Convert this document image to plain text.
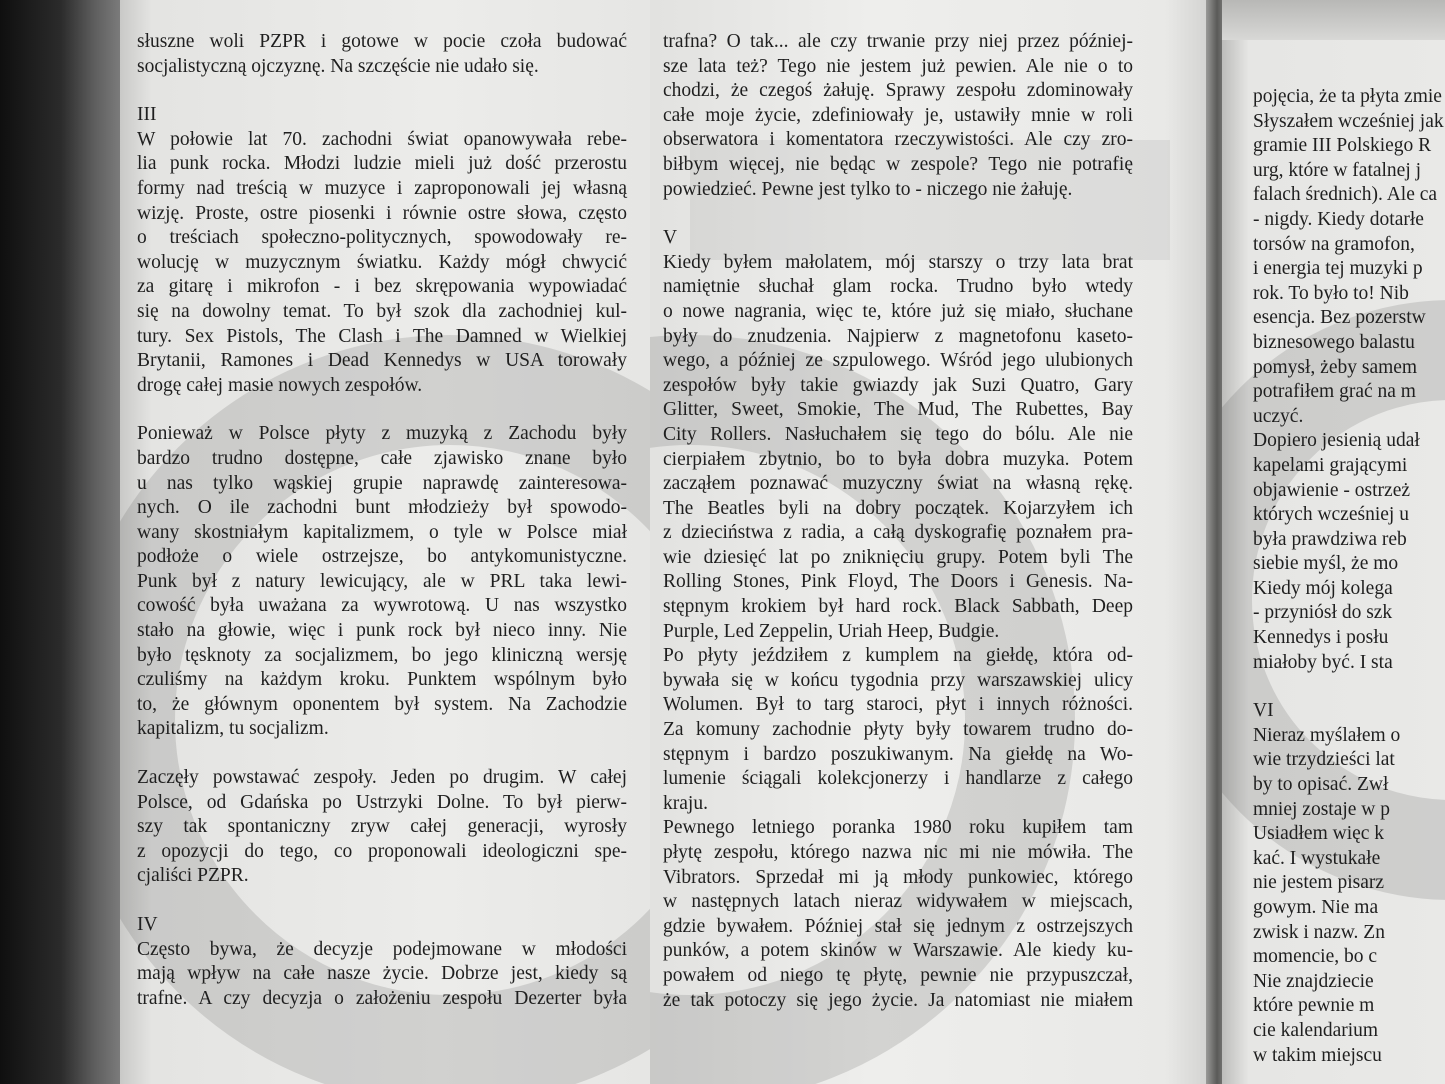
słuszne woli PZPR i gotowe w pocie czoła budować
socjalistyczną ojczyznę. Na szczęście nie udało się.
III
W połowie lat 70. zachodni świat opanowywała rebe-
lia punk rocka. Młodzi ludzie mieli już dość przerostu
formy nad treścią w muzyce i zaproponowali jej własną
wizję. Proste, ostre piosenki i równie ostre słowa, często
o treściach społeczno-politycznych, spowodowały re-
wolucję w muzycznym światku. Każdy mógł chwycić
za gitarę i mikrofon - i bez skrępowania wypowiadać
się na dowolny temat. To był szok dla zachodniej kul-
tury. Sex Pistols, The Clash i The Damned w Wielkiej
Brytanii, Ramones i Dead Kennedys w USA torowały
drogę całej masie nowych zespołów.
Ponieważ w Polsce płyty z muzyką z Zachodu były
bardzo trudno dostępne, całe zjawisko znane było
u nas tylko wąskiej grupie naprawdę zainteresowa-
nych. O ile zachodni bunt młodzieży był spowodo-
wany skostniałym kapitalizmem, o tyle w Polsce miał
podłoże o wiele ostrzejsze, bo antykomunistyczne.
Punk był z natury lewicujący, ale w PRL taka lewi-
cowość była uważana za wywrotową. U nas wszystko
stało na głowie, więc i punk rock był nieco inny. Nie
było tęsknoty za socjalizmem, bo jego kliniczną wersję
czuliśmy na każdym kroku. Punktem wspólnym było
to, że głównym oponentem był system. Na Zachodzie
kapitalizm, tu socjalizm.
Zaczęły powstawać zespoły. Jeden po drugim. W całej
Polsce, od Gdańska po Ustrzyki Dolne. To był pierw-
szy tak spontaniczny zryw całej generacji, wyrosły
z opozycji do tego, co proponowali ideologiczni spe-
cjaliści PZPR.
IV
Często bywa, że decyzje podejmowane w młodości
mają wpływ na całe nasze życie. Dobrze jest, kiedy są
trafne. A czy decyzja o założeniu zespołu Dezerter była
trafna? O tak... ale czy trwanie przy niej przez później-
sze lata też? Tego nie jestem już pewien. Ale nie o to
chodzi, że czegoś żałuję. Sprawy zespołu zdominowały
całe moje życie, zdefiniowały je, ustawiły mnie w roli
obserwatora i komentatora rzeczywistości. Ale czy zro-
biłbym więcej, nie będąc w zespole? Tego nie potrafię
powiedzieć. Pewne jest tylko to - niczego nie żałuję.
V
Kiedy byłem małolatem, mój starszy o trzy lata brat
namiętnie słuchał glam rocka. Trudno było wtedy
o nowe nagrania, więc te, które już się miało, słuchane
były do znudzenia. Najpierw z magnetofonu kaseto-
wego, a później ze szpulowego. Wśród jego ulubionych
zespołów były takie gwiazdy jak Suzi Quatro, Gary
Glitter, Sweet, Smokie, The Mud, The Rubettes, Bay
City Rollers. Nasłuchałem się tego do bólu. Ale nie
cierpiałem zbytnio, bo to była dobra muzyka. Potem
zacząłem poznawać muzyczny świat na własną rękę.
The Beatles byli na dobry początek. Kojarzyłem ich
z dzieciństwa z radia, a całą dyskografię poznałem pra-
wie dziesięć lat po zniknięciu grupy. Potem byli The
Rolling Stones, Pink Floyd, The Doors i Genesis. Na-
stępnym krokiem był hard rock. Black Sabbath, Deep
Purple, Led Zeppelin, Uriah Heep, Budgie.
Po płyty jeździłem z kumplem na giełdę, która od-
bywała się w końcu tygodnia przy warszawskiej ulicy
Wolumen. Był to targ staroci, płyt i innych różności.
Za komuny zachodnie płyty były towarem trudno do-
stępnym i bardzo poszukiwanym. Na giełdę na Wo-
lumenie ściągali kolekcjonerzy i handlarze z całego
kraju.
Pewnego letniego poranka 1980 roku kupiłem tam
płytę zespołu, którego nazwa nic mi nie mówiła. The
Vibrators. Sprzedał mi ją młody punkowiec, którego
w następnych latach nieraz widywałem w miejscach,
gdzie bywałem. Później stał się jednym z ostrzejszych
punków, a potem skinów w Warszawie. Ale kiedy ku-
powałem od niego tę płytę, pewnie nie przypuszczał,
że tak potoczy się jego życie. Ja natomiast nie miałem
pojęcia, że ta płyta zmie
Słyszałem wcześniej jak
gramie III Polskiego R
urg, które w fatalnej j
falach średnich). Ale ca
- nigdy. Kiedy dotarłe
torsów na gramofon,
i energia tej muzyki p
rok. To było to! Nib
esencja. Bez pozerstw
biznesowego balastu
pomysł, żeby samem
potrafiłem grać na m
uczyć.
Dopiero jesienią udał
kapelami grającymi
objawienie - ostrzeż
których wcześniej u
była prawdziwa reb
siebie myśl, że mo
Kiedy mój kolega
- przyniósł do szk
Kennedys i posłu
miałoby być. I sta
VI
Nieraz myślałem o
wie trzydzieści lat
by to opisać. Zwł
mniej zostaje w p
Usiadłem więc k
kać. I wystukałe
nie jestem pisarz
gowym. Nie ma
zwisk i nazw. Zn
momencie, bo c
Nie znajdziecie
które pewnie m
cie kalendarium
w takim miejscu
